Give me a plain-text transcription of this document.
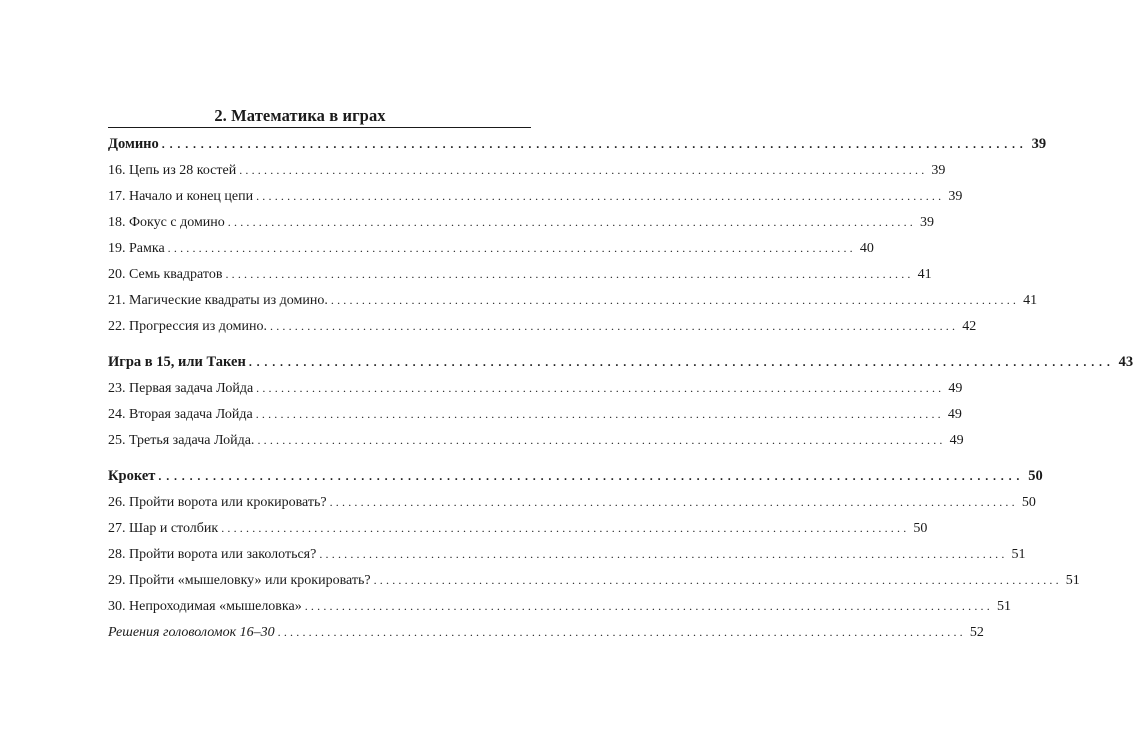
2. Математика в играх
Домино ............................................................................................................... 39
16. Цепь из 28 костей ............................................................................................................... 39
17. Начало и конец цепи ............................................................................................................... 39
18. Фокус с домино ............................................................................................................... 39
19. Рамка ............................................................................................................... 40
20. Семь квадратов ............................................................................................................... 41
21. Магические квадраты из домино. ............................................................................................................... 41
22. Прогрессия из домино. ............................................................................................................... 42
Игра в 15, или Такен ............................................................................................................... 43
23. Первая задача Лойда ............................................................................................................... 49
24. Вторая задача Лойда ............................................................................................................... 49
25. Третья задача Лойда. ............................................................................................................... 49
Крокет ............................................................................................................... 50
26. Пройти ворота или крокировать? ............................................................................................................... 50
27. Шар и столбик ............................................................................................................... 50
28. Пройти ворота или заколоться? ............................................................................................................... 51
29. Пройти «мышеловку» или крокировать? ............................................................................................................... 51
30. Непроходимая «мышеловка» ............................................................................................................... 51
Решения головоломок 16–30 ............................................................................................................... 52
